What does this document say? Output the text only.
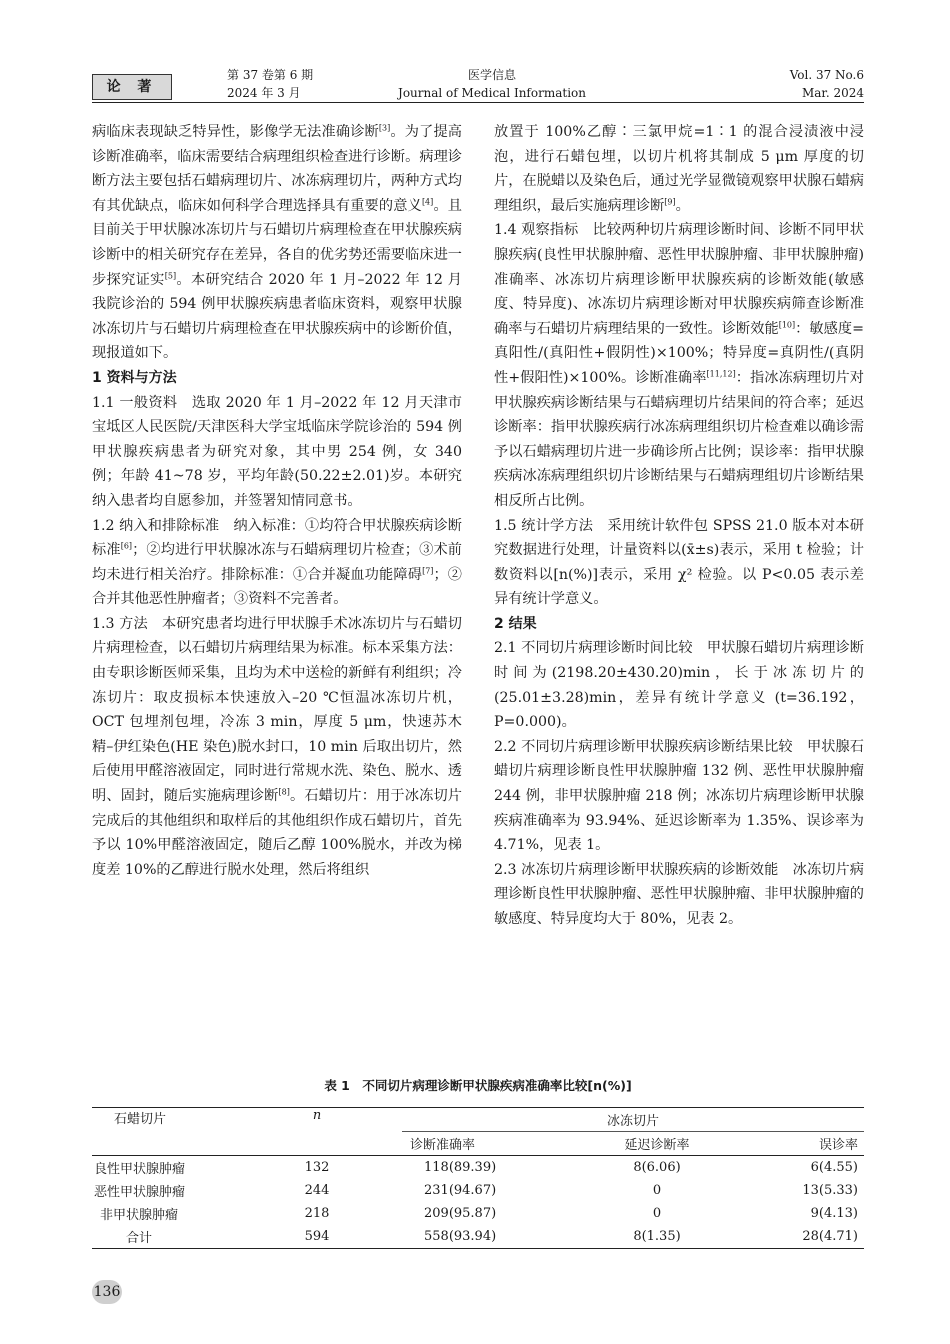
论 著
第 37 卷第 6 期
2024 年 3 月
医学信息
Journal of Medical Information
Vol. 37 No.6
Mar. 2024

病临床表现缺乏特异性，影像学无法准确诊断[3]。为了提高诊断准确率，临床需要结合病理组织检查进行诊断。病理诊断方法主要包括石蜡病理切片、冰冻病理切片，两种方式均有其优缺点，临床如何科学合理选择具有重要的意义[4]。且目前关于甲状腺冰冻切片与石蜡切片病理检查在甲状腺疾病诊断中的相关研究存在差异，各自的优劣势还需要临床进一步探究证实[5]。本研究结合 2020 年 1 月–2022 年 12 月我院诊治的 594 例甲状腺疾病患者临床资料，观察甲状腺冰冻切片与石蜡切片病理检查在甲状腺疾病中的诊断价值，现报道如下。

1 资料与方法

1.1 一般资料　选取 2020 年 1 月–2022 年 12 月天津市宝坻区人民医院/天津医科大学宝坻临床学院诊治的 594 例甲状腺疾病患者为研究对象，其中男 254 例，女 340 例；年龄 41~78 岁，平均年龄(50.22±2.01)岁。本研究纳入患者均自愿参加，并签署知情同意书。

1.2 纳入和排除标准　纳入标准：①均符合甲状腺疾病诊断标准[6]；②均进行甲状腺冰冻与石蜡病理切片检查；③术前均未进行相关治疗。排除标准：①合并凝血功能障碍[7]；②合并其他恶性肿瘤者；③资料不完善者。

1.3 方法　本研究患者均进行甲状腺手术冰冻切片与石蜡切片病理检查，以石蜡切片病理结果为标准。标本采集方法：由专职诊断医师采集，且均为术中送检的新鲜有利组织；冷冻切片：取皮损标本快速放入–20 ℃恒温冰冻切片机，OCT 包埋剂包埋，冷冻 3 min，厚度 5 μm，快速苏木精–伊红染色(HE 染色)脱水封口，10 min 后取出切片，然后使用甲醛溶液固定，同时进行常规水洗、染色、脱水、透明、固封，随后实施病理诊断[8]。石蜡切片：用于冰冻切片完成后的其他组织和取样后的其他组织作成石蜡切片，首先予以 10%甲醛溶液固定，随后乙醇 100%脱水，并改为梯度差 10%的乙醇进行脱水处理，然后将组织

放置于 100%乙醇∶三氯甲烷=1∶1 的混合浸渍液中浸泡，进行石蜡包埋，以切片机将其制成 5 μm 厚度的切片，在脱蜡以及染色后，通过光学显微镜观察甲状腺石蜡病理组织，最后实施病理诊断[9]。

1.4 观察指标　比较两种切片病理诊断时间、诊断不同甲状腺疾病(良性甲状腺肿瘤、恶性甲状腺肿瘤、非甲状腺肿瘤)准确率、冰冻切片病理诊断甲状腺疾病的诊断效能(敏感度、特异度)、冰冻切片病理诊断对甲状腺疾病筛查诊断准确率与石蜡切片病理结果的一致性。诊断效能[10]：敏感度=真阳性/(真阳性+假阴性)×100%；特异度=真阴性/(真阴性+假阳性)×100%。诊断准确率[11,12]：指冰冻病理切片对甲状腺疾病诊断结果与石蜡病理切片结果间的符合率；延迟诊断率：指甲状腺疾病行冰冻病理组织切片检查难以确诊需予以石蜡病理切片进一步确诊所占比例；误诊率：指甲状腺疾病冰冻病理组织切片诊断结果与石蜡病理组切片诊断结果相反所占比例。

1.5 统计学方法　采用统计软件包 SPSS 21.0 版本对本研究数据进行处理，计量资料以(x̄±s)表示，采用 t 检验；计数资料以[n(%)]表示，采用 χ² 检验。以 P<0.05 表示差异有统计学意义。

2 结果

2.1 不同切片病理诊断时间比较　甲状腺石蜡切片病理诊断时间为(2198.20±430.20)min，长于冰冻切片的 (25.01±3.28)min，差异有统计学意义 (t=36.192，P=0.000)。

2.2 不同切片病理诊断甲状腺疾病诊断结果比较　甲状腺石蜡切片病理诊断良性甲状腺肿瘤 132 例、恶性甲状腺肿瘤 244 例，非甲状腺肿瘤 218 例；冰冻切片病理诊断甲状腺疾病准确率为 93.94%、延迟诊断率为 1.35%、误诊率为 4.71%，见表 1。

2.3 冰冻切片病理诊断甲状腺疾病的诊断效能　冰冻切片病理诊断良性甲状腺肿瘤、恶性甲状腺肿瘤、非甲状腺肿瘤的敏感度、特异度均大于 80%，见表 2。

表 1　不同切片病理诊断甲状腺疾病准确率比较[n(%)]
石蜡切片	n	冰冻切片		
		诊断准确率	延迟诊断率	误诊率
良性甲状腺肿瘤	132	118(89.39)	8(6.06)	6(4.55)
恶性甲状腺肿瘤	244	231(94.67)	0	13(5.33)
非甲状腺肿瘤	218	209(95.87)	0	9(4.13)
合计	594	558(93.94)	8(1.35)	28(4.71)
136
